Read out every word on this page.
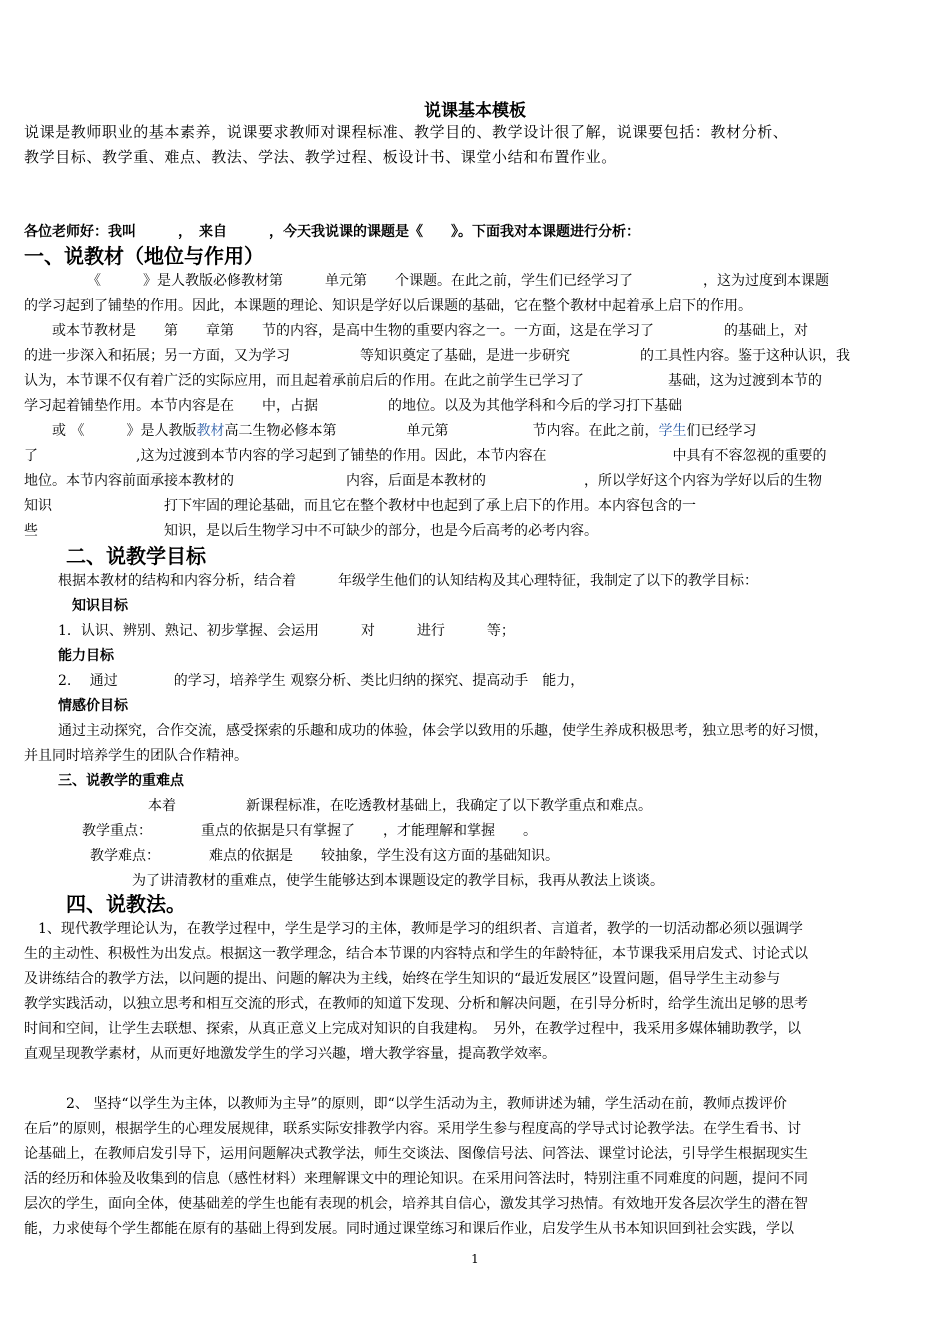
说课基本模板
说课是教师职业的基本素养，说课要求教师对课程标准、教学目的、教学设计很了解，说课要包括：教材分析、
教学目标、教学重、难点、教法、学法、教学过程、板设计书、课堂小结和布置作业。
各位老师好：我叫　　　，　来自　　　，今天我说课的课题是《　　》。下面我对本课题进行分析：
一、说教材（地位与作用）
　　　　　《　　　》是人教版必修教材第　　　单元第　　个课题。在此之前，学生们已经学习了　　　　　，这为过度到本课题
的学习起到了铺垫的作用。因此，本课题的理论、知识是学好以后课题的基础，它在整个教材中起着承上启下的作用。
　　或本节教材是　　第　　章第　　节的内容，是高中生物的重要内容之一。一方面，这是在学习了　　　　　的基础上，对
的进一步深入和拓展；另一方面，又为学习　　　　　等知识奠定了基础，是进一步研究　　　　　的工具性内容。鉴于这种认识，我
认为，本节课不仅有着广泛的实际应用，而且起着承前启后的作用。在此之前学生已学习了　　　　　　基础，这为过渡到本节的
学习起着铺垫作用。本节内容是在　　中，占据　　　　　的地位。以及为其他学科和今后的学习打下基础
　　或 《　　　》是人教版教材高二生物必修本第　　　　　单元第　　　　　　节内容。在此之前，学生们已经学习
了　　　　　　　,这为过渡到本节内容的学习起到了铺垫的作用。因此，本节内容在　　　　　　　　　中具有不容忽视的重要的
地位。本节内容前面承接本教材的　　　　　　　　内容，后面是本教材的　　　　　　　，所以学好这个内容为学好以后的生物
知识　　　　　　　　打下牢固的理论基础，而且它在整个教材中也起到了承上启下的作用。本内容包含的一
些　　　　　　　　　知识，是以后生物学习中不可缺少的部分，也是今后高考的必考内容。
二、说教学目标
根据本教材的结构和内容分析，结合着　　　年级学生他们的认知结构及其心理特征，我制定了以下的教学目标：
知识目标
1．认识、辨别、熟记、初步掌握、会运用　　　对　　　进行　　　等；
能力目标
2.　 通过　　　　的学习，培养学生 观察分析、类比归纳的探究、提高动手　能力，
情感价目标
通过主动探究，合作交流，感受探索的乐趣和成功的体验，体会学以致用的乐趣，使学生养成积极思考，独立思考的好习惯，
并且同时培养学生的团队合作精神。
三、说教学的重难点
本着　　　　　新课程标准，在吃透教材基础上，我确定了以下教学重点和难点。
教学重点：　　　　重点的依据是只有掌握了　　，才能理解和掌握　　。
教学难点：　　　　难点的依据是　　较抽象，学生没有这方面的基础知识。
为了讲清教材的重难点，使学生能够达到本课题设定的教学目标，我再从教法上谈谈。
四、说教法。
　1、现代教学理论认为，在教学过程中，学生是学习的主体，教师是学习的组织者、言道者，教学的一切活动都必须以强调学
生的主动性、积极性为出发点。根据这一教学理念，结合本节课的内容特点和学生的年龄特征，本节课我采用启发式、讨论式以
及讲练结合的教学方法，以问题的提出、问题的解决为主线，始终在学生知识的“最近发展区”设置问题，倡导学生主动参与
教学实践活动，以独立思考和相互交流的形式，在教师的知道下发现、分析和解决问题，在引导分析时，给学生流出足够的思考
时间和空间，让学生去联想、探索，从真正意义上完成对知识的自我建构。　另外，在教学过程中，我采用多媒体辅助教学，以
直观呈现教学素材，从而更好地激发学生的学习兴趣，增大教学容量，提高教学效率。
　　　2、 坚持“以学生为主体，以教师为主导”的原则，即“以学生活动为主，教师讲述为辅，学生活动在前，教师点拨评价
在后”的原则，根据学生的心理发展规律，联系实际安排教学内容。采用学生参与程度高的学导式讨论教学法。在学生看书、讨
论基础上，在教师启发引导下，运用问题解决式教学法，师生交谈法、图像信号法、问答法、课堂讨论法，引导学生根据现实生
活的经历和体验及收集到的信息（感性材料）来理解课文中的理论知识。在采用问答法时，特别注重不同难度的问题，提问不同
层次的学生，面向全体，使基础差的学生也能有表现的机会，培养其自信心，激发其学习热情。有效地开发各层次学生的潜在智
能，力求使每个学生都能在原有的基础上得到发展。同时通过课堂练习和课后作业，启发学生从书本知识回到社会实践，学以
1
